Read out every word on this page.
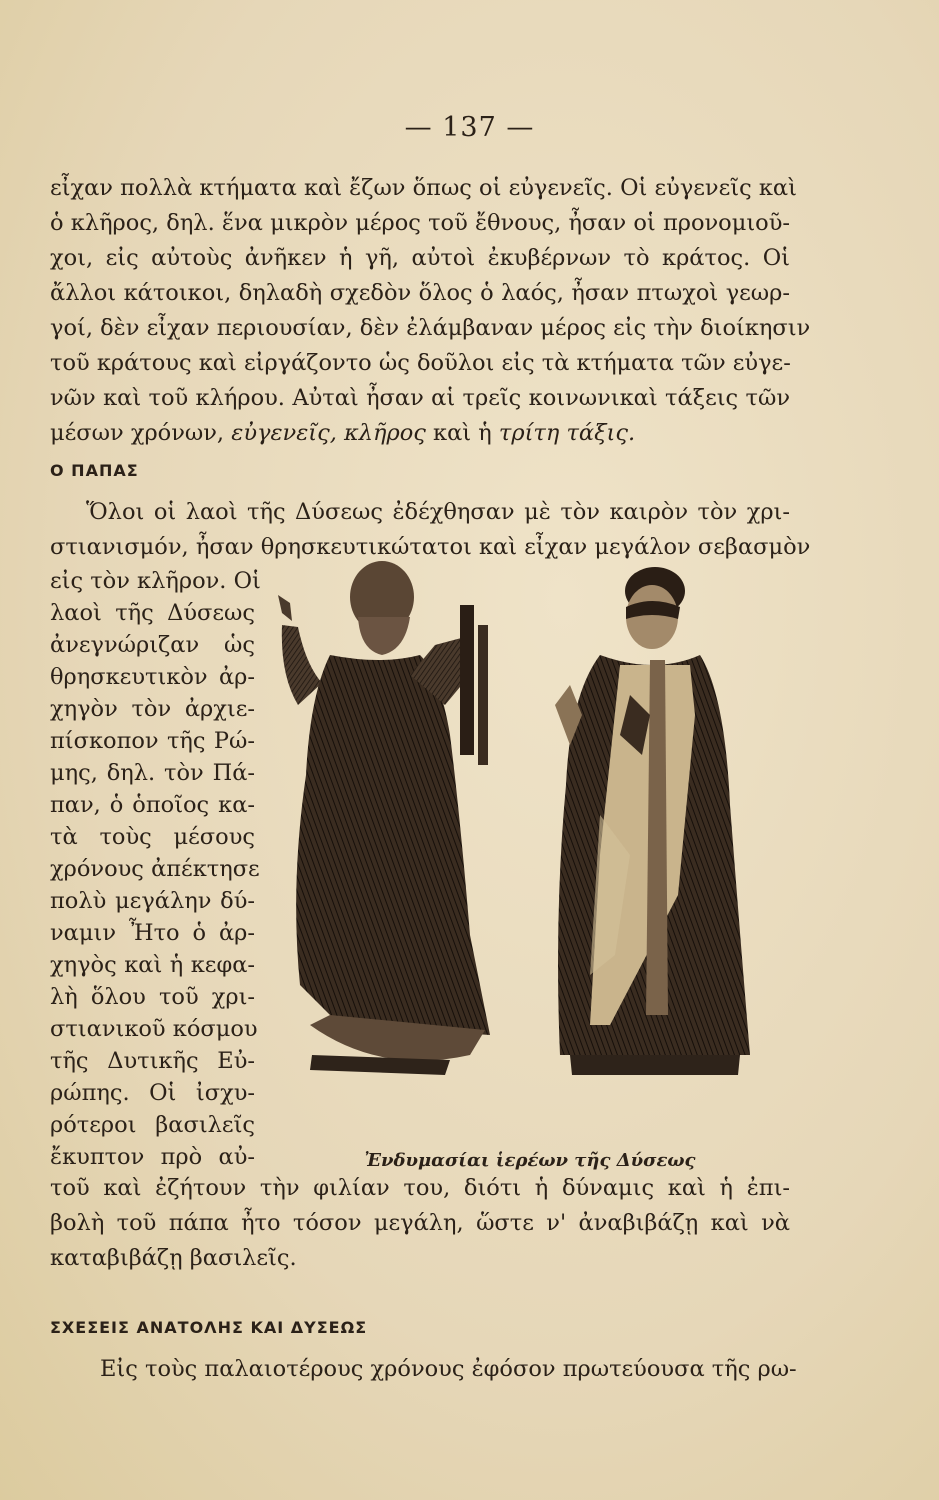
— 137 —
εἶχαν πολλὰ κτήματα καὶ ἔζων ὅπως οἱ εὐγενεῖς. Οἱ εὐγενεῖς καὶ
ὁ κλῆρος, δηλ. ἕνα μικρὸν μέρος τοῦ ἔθνους, ἦσαν οἱ προνομιοῦ-
χοι, εἰς αὐτοὺς ἀνῆκεν ἡ γῆ, αὐτοὶ ἐκυβέρνων τὸ κράτος. Οἱ
ἄλλοι κάτοικοι, δηλαδὴ σχεδὸν ὅλος ὁ λαός, ἦσαν πτωχοὶ γεωρ-
γοί, δὲν εἶχαν περιουσίαν, δὲν ἐλάμβαναν μέρος εἰς τὴν διοίκησιν
τοῦ κράτους καὶ εἰργάζοντο ὡς δοῦλοι εἰς τὰ κτήματα τῶν εὐγε-
νῶν καὶ τοῦ κλήρου. Αὐταὶ ἦσαν αἱ τρεῖς κοινωνικαὶ τάξεις τῶν
μέσων χρόνων, εὐγενεῖς, κλῆρος καὶ ἡ τρίτη τάξις.
Ο ΠΑΠΑΣ
Ὅλοι οἱ λαοὶ τῆς Δύσεως ἐδέχθησαν μὲ τὸν καιρὸν τὸν χρι-
στιανισμόν, ἦσαν θρησκευτικώτατοι καὶ εἶχαν μεγάλον σεβασμὸν
εἰς τὸν κλῆρον. Οἱ
λαοὶ τῆς Δύσεως
ἀνεγνώριζαν ὡς
θρησκευτικὸν ἀρ-
χηγὸν τὸν ἀρχιε-
πίσκοπον τῆς Ρώ-
μης, δηλ. τὸν Πά-
παν, ὁ ὁποῖος κα-
τὰ τοὺς μέσους
χρόνους ἀπέκτησε
πολὺ μεγάλην δύ-
ναμιν Ἦτο ὁ ἀρ-
χηγὸς καὶ ἡ κεφα-
λὴ ὅλου τοῦ χρι-
στιανικοῦ κόσμου
τῆς Δυτικῆς Εὐ-
ρώπης. Οἱ ἰσχυ-
ρότεροι βασιλεῖς
ἔκυπτον πρὸ αὐ-
τοῦ καὶ ἐζήτουν τὴν φιλίαν του, διότι ἡ δύναμις καὶ ἡ ἐπι-
βολὴ τοῦ πάπα ἦτο τόσον μεγάλη, ὥστε ν' ἀναβιβάζῃ καὶ νὰ
καταβιβάζῃ βασιλεῖς.
Ἐνδυμασίαι ἱερέων τῆς Δύσεως
ΣΧΕΣΕΙΣ ΑΝΑΤΟΛΗΣ ΚΑΙ ΔΥΣΕΩΣ
Εἰς τοὺς παλαιοτέρους χρόνους ἐφόσον πρωτεύουσα τῆς ρω-
